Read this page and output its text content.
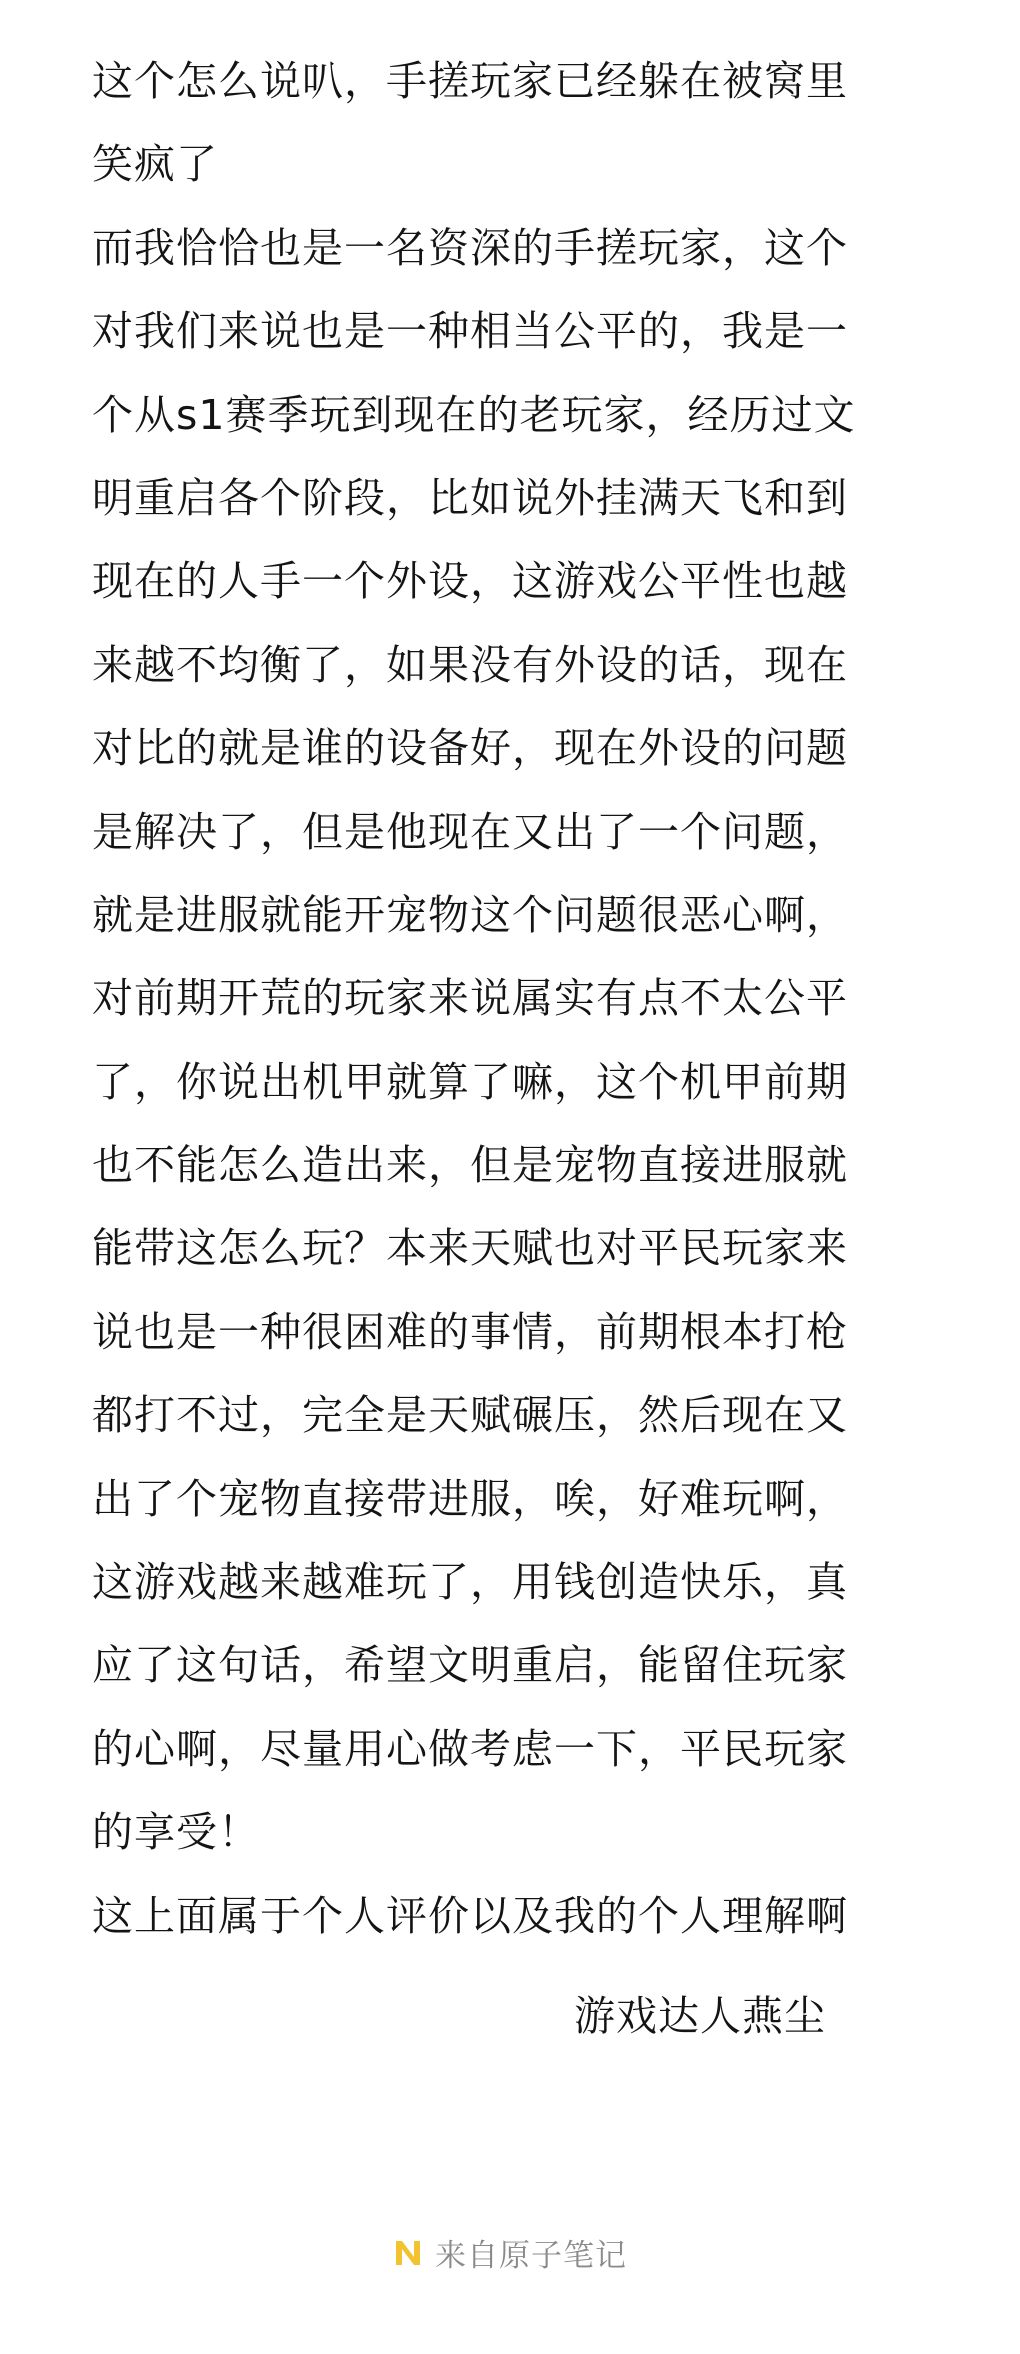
这个怎么说叭，手搓玩家已经躲在被窝里
笑疯了
而我恰恰也是一名资深的手搓玩家，这个
对我们来说也是一种相当公平的，我是一
个从s1赛季玩到现在的老玩家，经历过文
明重启各个阶段，比如说外挂满天飞和到
现在的人手一个外设，这游戏公平性也越
来越不均衡了，如果没有外设的话，现在
对比的就是谁的设备好，现在外设的问题
是解决了，但是他现在又出了一个问题，
就是进服就能开宠物这个问题很恶心啊，
对前期开荒的玩家来说属实有点不太公平
了，你说出机甲就算了嘛，这个机甲前期
也不能怎么造出来，但是宠物直接进服就
能带这怎么玩？本来天赋也对平民玩家来
说也是一种很困难的事情，前期根本打枪
都打不过，完全是天赋碾压，然后现在又
出了个宠物直接带进服，唉，好难玩啊，
这游戏越来越难玩了，用钱创造快乐，真
应了这句话，希望文明重启，能留住玩家
的心啊，尽量用心做考虑一下，平民玩家
的享受！
这上面属于个人评价以及我的个人理解啊
游戏达人燕尘
来自原子笔记
